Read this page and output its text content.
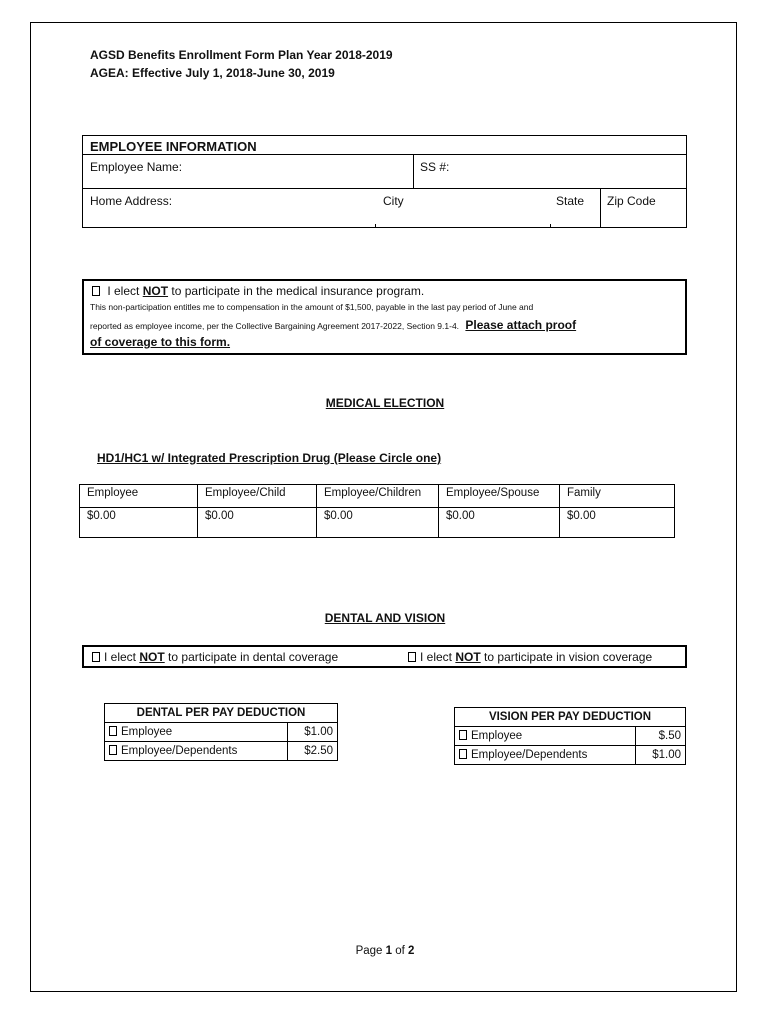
AGSD Benefits Enrollment Form Plan Year 2018-2019
AGEA: Effective July 1, 2018-June 30, 2019
EMPLOYEE INFORMATION
Employee Name:	SS #:
Home Address:	City	State Zip Code
I elect NOT to participate in the medical insurance program.
This non-participation entitles me to compensation in the amount of $1,500, payable in the last pay period of June and
reported as employee income, per the Collective Bargaining Agreement 2017-2022, Section 9.1-4. Please attach proof
of coverage to this form.
MEDICAL ELECTION
HD1/HC1 w/ Integrated Prescription Drug (Please Circle one)
Employee	Employee/Child	Employee/Children	Employee/Spouse	Family
$0.00	$0.00	$0.00	$0.00	$0.00
DENTAL AND VISION
I elect NOT to participate in dental coverage	I elect NOT to participate in vision coverage
DENTAL PER PAY DEDUCTION	
Employee	$1.00
Employee/Dependents	$2.50
VISION PER PAY DEDUCTION	
Employee	$.50
Employee/Dependents	$1.00
Page 1 of 2
